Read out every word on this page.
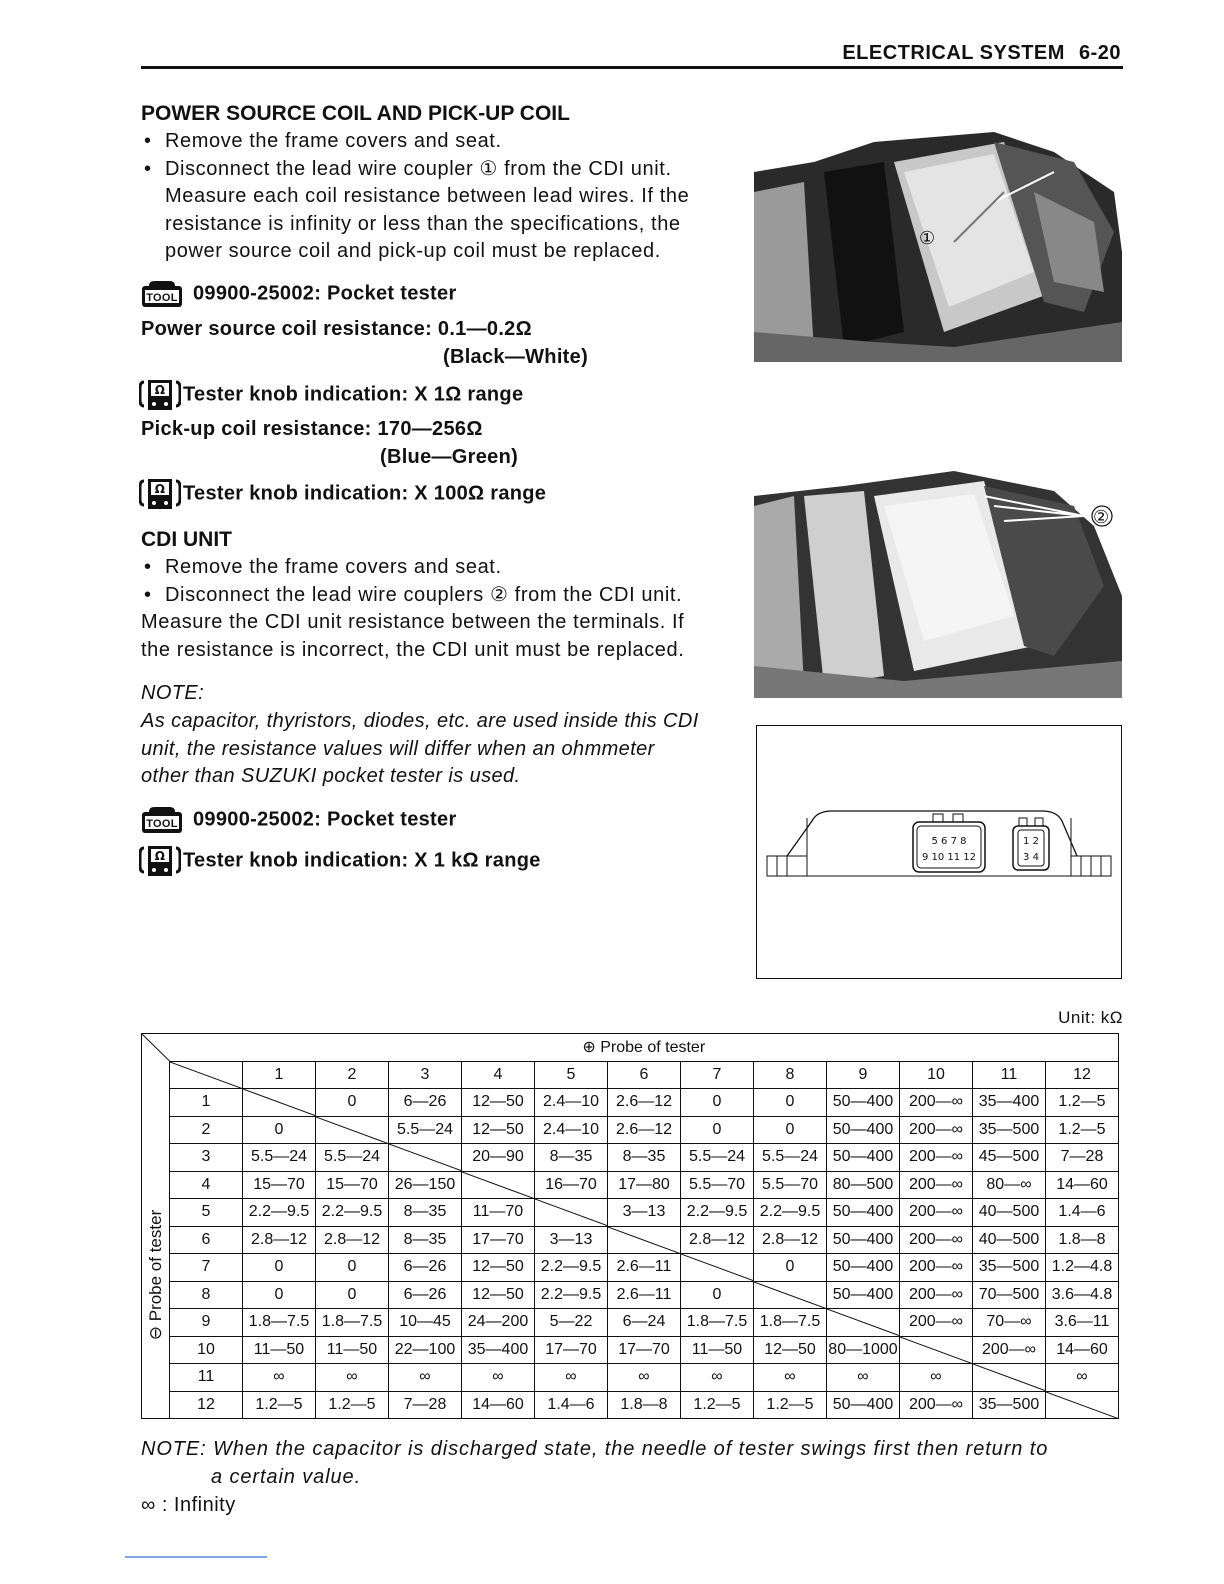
ELECTRICAL SYSTEM 6-20
POWER SOURCE COIL AND PICK-UP COIL
• Remove the frame covers and seat.
• Disconnect the lead wire coupler ① from the CDI unit.
Measure each coil resistance between lead wires. If the
resistance is infinity or less than the specifications, the
power source coil and pick-up coil must be replaced.
TOOL 09900-25002: Pocket tester
Power source coil resistance: 0.1—0.2Ω
(Black—White)
Ω Tester knob indication: X 1Ω range
Pick-up coil resistance: 170—256Ω
(Blue—Green)
Ω Tester knob indication: X 100Ω range
CDI UNIT
• Remove the frame covers and seat.
• Disconnect the lead wire couplers ② from the CDI unit.
Measure the CDI unit resistance between the terminals. If
the resistance is incorrect, the CDI unit must be replaced.
NOTE:
As capacitor, thyristors, diodes, etc. are used inside this CDI
unit, the resistance values will differ when an ohmmeter
other than SUZUKI pocket tester is used.
TOOL 09900-25002: Pocket tester
Ω Tester knob indication: X 1 kΩ range
①
②
5 6 7 8
9 10 11 12
1 2
3 4
Unit: kΩ
	⊕ Probe of tester												

⊖ Probe of tester		1	2	3	4	5	6	7	8	9	10	11	12
	1		0	6—26	12—50	2.4—10	2.6—12	0	0	50—400	200—∞	35—400	1.2—5
	2	0		5.5—24	12—50	2.4—10	2.6—12	0	0	50—400	200—∞	35—500	1.2—5
	3	5.5—24	5.5—24		20—90	8—35	8—35	5.5—24	5.5—24	50—400	200—∞	45—500	7—28
	4	15—70	15—70	26—150		16—70	17—80	5.5—70	5.5—70	80—500	200—∞	80—∞	14—60
	5	2.2—9.5	2.2—9.5	8—35	11—70		3—13	2.2—9.5	2.2—9.5	50—400	200—∞	40—500	1.4—6
	6	2.8—12	2.8—12	8—35	17—70	3—13		2.8—12	2.8—12	50—400	200—∞	40—500	1.8—8
	7	0	0	6—26	12—50	2.2—9.5	2.6—11		0	50—400	200—∞	35—500	1.2—4.8
	8	0	0	6—26	12—50	2.2—9.5	2.6—11	0		50—400	200—∞	70—500	3.6—4.8
	9	1.8—7.5	1.8—7.5	10—45	24—200	5—22	6—24	1.8—7.5	1.8—7.5		200—∞	70—∞	3.6—11
	10	11—50	11—50	22—100	35—400	17—70	17—70	11—50	12—50	80—1000		200—∞	14—60
	11	∞	∞	∞	∞	∞	∞	∞	∞	∞	∞		∞
	12	1.2—5	1.2—5	7—28	14—60	1.4—6	1.8—8	1.2—5	1.2—5	50—400	200—∞	35—500	
NOTE: When the capacitor is discharged state, the needle of tester swings first then return to
a certain value.
∞ : Infinity
